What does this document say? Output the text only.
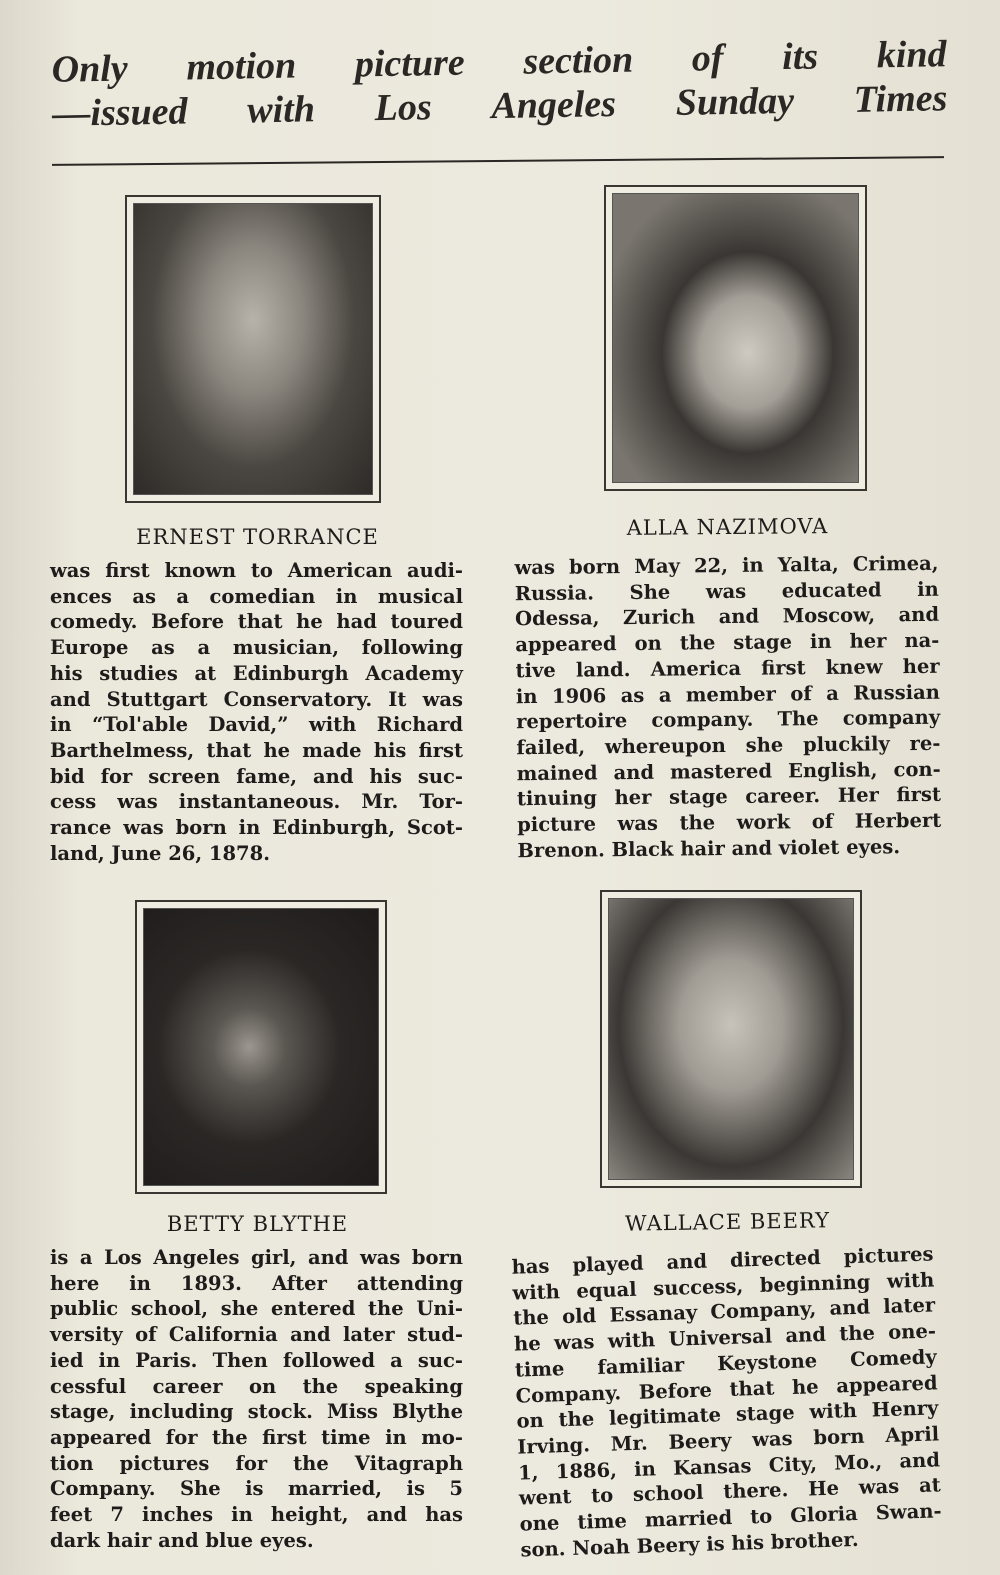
Only motion picture section of its kind
—issued with Los Angeles Sunday Times
ERNEST TORRANCE	ALLA NAZIMOVA
BETTY BLYTHE	WALLACE BEERY
was first known to American audi-
ences as a comedian in musical
comedy. Before that he had toured
Europe as a musician, following
his studies at Edinburgh Academy
and Stuttgart Conservatory. It was
in “Tol'able David,” with Richard
Barthelmess, that he made his first
bid for screen fame, and his suc-
cess was instantaneous. Mr. Tor-
rance was born in Edinburgh, Scot-
land, June 26, 1878.
was born May 22, in Yalta, Crimea,
Russia. She was educated in
Odessa, Zurich and Moscow, and
appeared on the stage in her na-
tive land. America first knew her
in 1906 as a member of a Russian
repertoire company. The company
failed, whereupon she pluckily re-
mained and mastered English, con-
tinuing her stage career. Her first
picture was the work of Herbert
Brenon. Black hair and violet eyes.
is a Los Angeles girl, and was born
here in 1893. After attending
public school, she entered the Uni-
versity of California and later stud-
ied in Paris. Then followed a suc-
cessful career on the speaking
stage, including stock. Miss Blythe
appeared for the first time in mo-
tion pictures for the Vitagraph
Company. She is married, is 5
feet 7 inches in height, and has
dark hair and blue eyes.
has played and directed pictures
with equal success, beginning with
the old Essanay Company, and later
he was with Universal and the one-
time familiar Keystone Comedy
Company. Before that he appeared
on the legitimate stage with Henry
Irving. Mr. Beery was born April
1, 1886, in Kansas City, Mo., and
went to school there. He was at
one time married to Gloria Swan-
son. Noah Beery is his brother.
